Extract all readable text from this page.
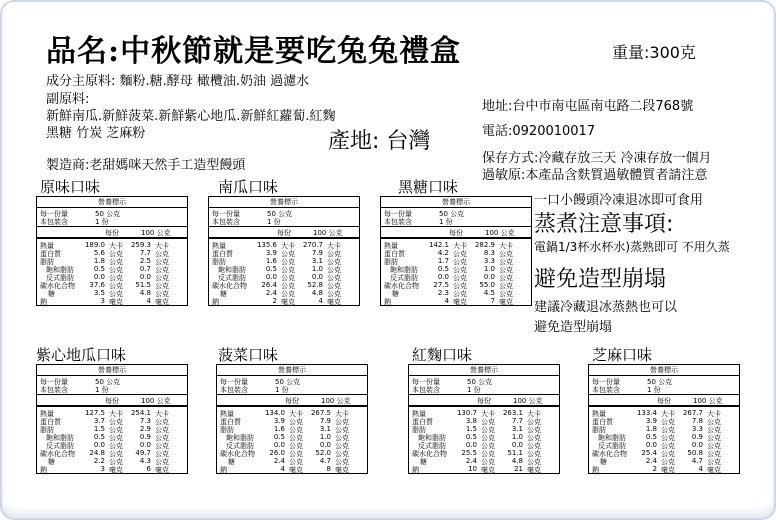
品名:中秋節就是要吃兔兔禮盒	重量:300克
成分主原料: 麵粉.糖.酵母 橄欖油.奶油 過濾水
副原料:
新鮮南瓜.新鮮菠菜.新鮮紫心地瓜.新鮮紅蘿蔔.紅麴
黑糖 竹炭 芝麻粉	產地: 台灣
製造商:老甜媽咪天然手工造型饅頭
地址:台中市南屯區南屯路二段768號
電話:0920010017
保存方式:冷藏存放三天 冷凍存放一個月
過敏原:本產品含麩質過敏體質者請注意
一口小饅頭冷凍退冰即可食用
蒸煮注意事項:
電鍋1/3杯水杯水)蒸熟即可 不用久蒸
避免造型崩塌
建議冷藏退冰蒸熱也可以
避免造型崩塌
原味口味
營養標示
每一份量	50 公克
本包裝含	1 份
每份	100 公克
熱量	189.0 大卡 259.3 大卡
蛋白質	5.6 公克	7.7 公克
脂肪	1.8 公克	2.5 公克
飽和脂肪	0.5 公克	0.7 公克
反式脂肪	0.0 公克	0.0 公克
碳水化合物	37.6 公克	51.5 公克
糖	3.5 公克	4.8 公克
鈉	3 毫克	4 毫克
南瓜口味
營養標示
每一份量	50 公克
本包裝含	1 份
每份	100 公克
熱量	135.6 大卡 270.7 大卡
蛋白質	3.9 公克	7.9 公克
脂肪	1.6 公克	3.1 公克
飽和脂肪	0.5 公克	1.0 公克
反式脂肪	0.0 公克	0.0 公克
碳水化合物	26.4 公克	52.8 公克
糖	2.4 公克	4.8 公克
鈉	2 毫克	4 毫克
黑糖口味
營養標示
每一份量	50 公克
本包裝含	1 份
每份	100 公克
熱量	142.1 大卡 282.9 大卡
蛋白質	4.2 公克	8.3 公克
脂肪	1.7 公克	3.3 公克
飽和脂肪	0.5 公克	1.0 公克
反式脂肪	0.0 公克	0.0 公克
碳水化合物	27.5 公克	55.0 公克
糖	2.3 公克	4.5 公克
鈉	4 毫克	7 毫克
紫心地瓜口味
營養標示
每一份量	50 公克
本包裝含	1 份
每份	100 公克
熱量	127.5 大卡 254.1 大卡
蛋白質	3.7 公克	7.3 公克
脂肪	1.5 公克	2.9 公克
飽和脂肪	0.5 公克	0.9 公克
反式脂肪	0.0 公克	0.0 公克
碳水化合物	24.8 公克	49.7 公克
糖	2.2 公克	4.3 公克
鈉	3 毫克	6 毫克
菠菜口味
營養標示
每一份量	50 公克
本包裝含	1 份
每份	100 公克
熱量	134.0 大卡 267.5 大卡
蛋白質	3.9 公克	7.9 公克
脂肪	1.6 公克	3.1 公克
飽和脂肪	0.5 公克	1.0 公克
反式脂肪	0.0 公克	0.0 公克
碳水化合物	26.0 公克	52.0 公克
糖	2.4 公克	4.7 公克
鈉	4 毫克	8 毫克
紅麴口味
營養標示
每一份量	50 公克
本包裝含	1 份
每份	100 公克
熱量	130.7 大卡 263.1 大卡
蛋白質	3.8 公克	7.7 公克
脂肪	1.5 公克	3.1 公克
飽和脂肪	0.5 公克	1.0 公克
反式脂肪	0.0 公克	0.0 公克
碳水化合物	25.5 公克	51.1 公克
糖	2.4 公克	4.8 公克
鈉	10 毫克	21 毫克
芝麻口味
營養標示
每一份量	50 公克
本包裝含	1 份
每份	100 公克
熱量	133.4 大卡 267.7 大卡
蛋白質	3.9 公克	7.8 公克
脂肪	1.8 公克	3.3 公克
飽和脂肪	0.5 公克	0.9 公克
反式脂肪	0.0 公克	0.0 公克
碳水化合物	25.4 公克	50.8 公克
糖	2.4 公克	4.7 公克
鈉	2 毫克	4 毫克
